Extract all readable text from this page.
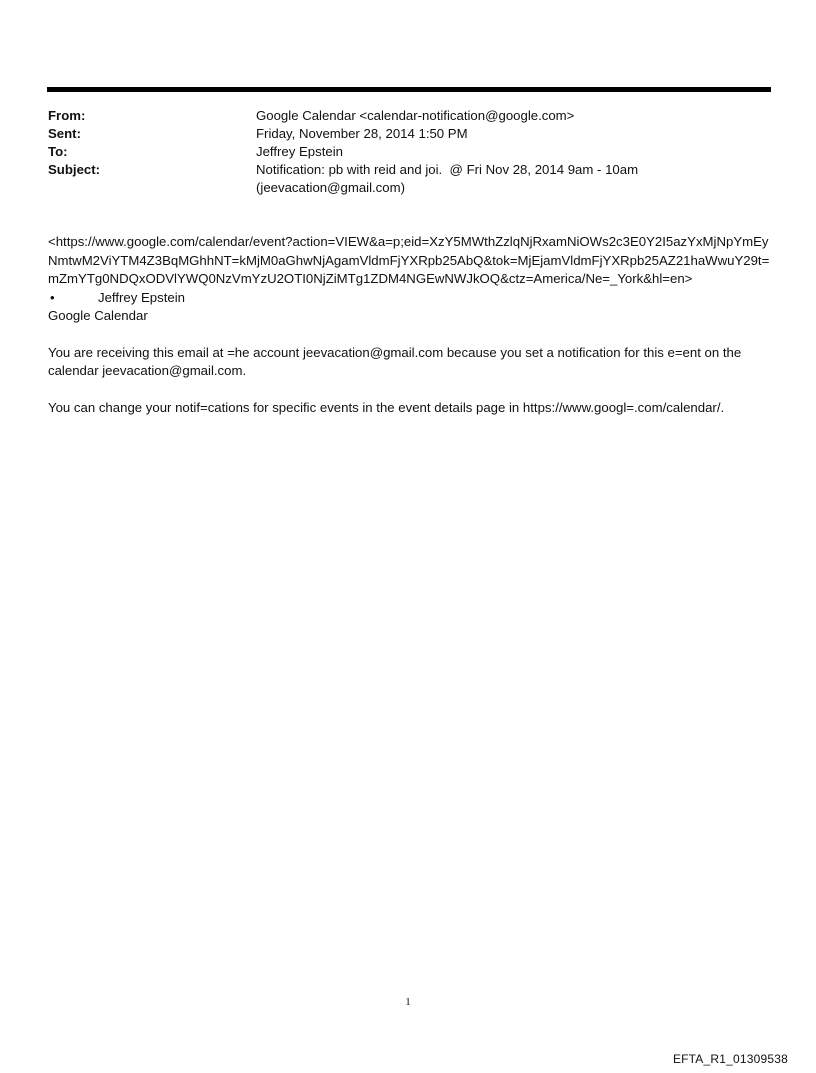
From:	Google Calendar <calendar-notification@google.com>
Sent:	Friday, November 28, 2014 1:50 PM
To:	Jeffrey Epstein
Subject:	Notification: pb with reid and joi.  @ Fri Nov 28, 2014 9am - 10am (jeevacation@gmail.com)
<https://www.google.com/calendar/event?action=VIEW&a=p;eid=XzY5MWthZzlqNjRxamNiOWs2c3E0Y2I5azYxMjNpYmEyNmtwM2ViYTM4Z3BqMGhhNT=kMjM0aGhwNjAgamVldmFjYXRpb25AbQ&tok=MjEjamVldmFjYXRpb25AZ21haWwuY29t=mZmYTg0NDQxODVlYWQ0NzVmYzU2OTI0NjZiMTg1ZDM4NGEwNWJkOQ&ctz=America/Ne=_York&hl=en>
•	Jeffrey Epstein
Google Calendar
You are receiving this email at =he account jeevacation@gmail.com because you set a notification for this e=ent on the calendar jeevacation@gmail.com.
You can change your notif=cations for specific events in the event details page in https://www.googl=.com/calendar/.
1
EFTA_R1_01309538
